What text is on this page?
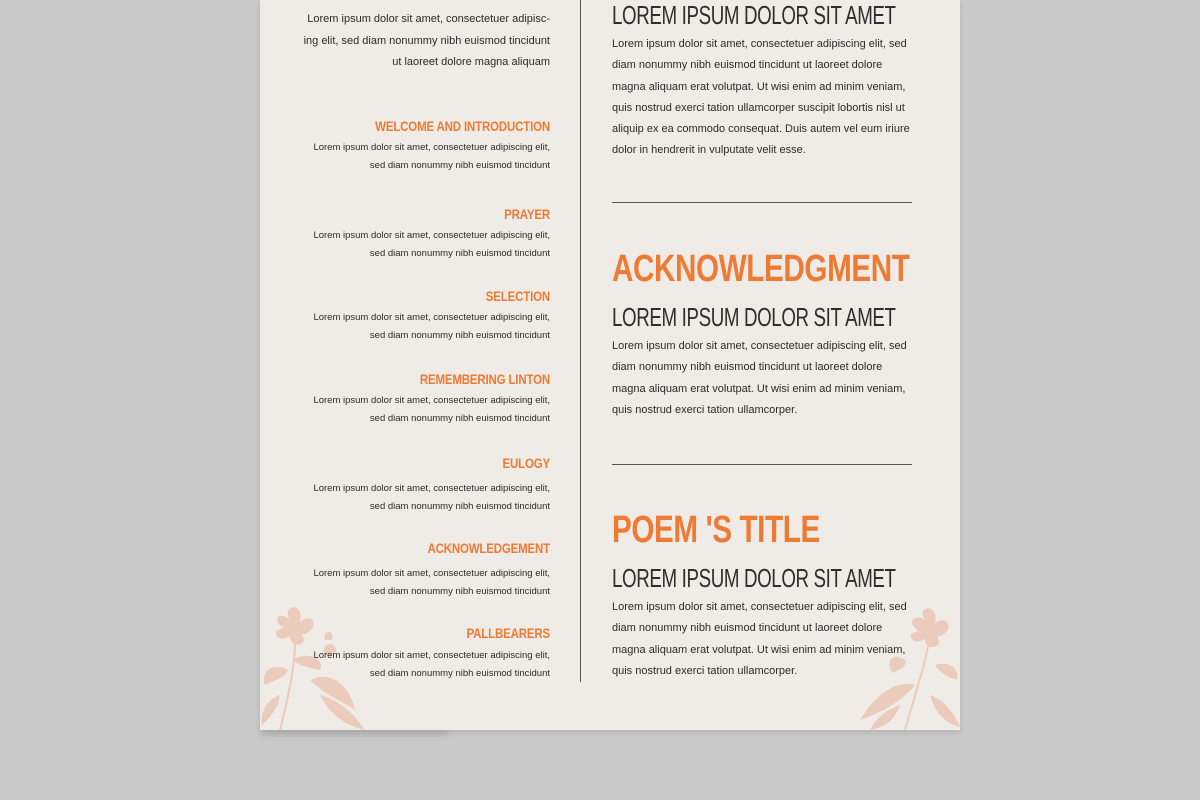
Lorem ipsum dolor sit amet, consectetuer adipisc-
ing elit, sed diam nonummy nibh euismod tincidunt
ut laoreet dolore magna aliquam
WELCOME AND INTRODUCTION
Lorem ipsum dolor sit amet, consectetuer adipiscing elit,
sed diam nonummy nibh euismod tincidunt
PRAYER
Lorem ipsum dolor sit amet, consectetuer adipiscing elit,
sed diam nonummy nibh euismod tincidunt
SELECTION
Lorem ipsum dolor sit amet, consectetuer adipiscing elit,
sed diam nonummy nibh euismod tincidunt
REMEMBERING LINTON
Lorem ipsum dolor sit amet, consectetuer adipiscing elit,
sed diam nonummy nibh euismod tincidunt
EULOGY
Lorem ipsum dolor sit amet, consectetuer adipiscing elit,
sed diam nonummy nibh euismod tincidunt
ACKNOWLEDGEMENT
Lorem ipsum dolor sit amet, consectetuer adipiscing elit,
sed diam nonummy nibh euismod tincidunt
PALLBEARERS
Lorem ipsum dolor sit amet, consectetuer adipiscing elit,
sed diam nonummy nibh euismod tincidunt
LOREM IPSUM DOLOR SIT AMET
Lorem ipsum dolor sit amet, consectetuer adipiscing elit, sed
diam nonummy nibh euismod tincidunt ut laoreet dolore
magna aliquam erat volutpat. Ut wisi enim ad minim veniam,
quis nostrud exerci tation ullamcorper suscipit lobortis nisl ut
aliquip ex ea commodo consequat. Duis autem vel eum iriure
dolor in hendrerit in vulputate velit esse.
ACKNOWLEDGMENT
LOREM IPSUM DOLOR SIT AMET
Lorem ipsum dolor sit amet, consectetuer adipiscing elit, sed
diam nonummy nibh euismod tincidunt ut laoreet dolore
magna aliquam erat volutpat. Ut wisi enim ad minim veniam,
quis nostrud exerci tation ullamcorper.
POEM 'S TITLE
LOREM IPSUM DOLOR SIT AMET
Lorem ipsum dolor sit amet, consectetuer adipiscing elit, sed
diam nonummy nibh euismod tincidunt ut laoreet dolore
magna aliquam erat volutpat. Ut wisi enim ad minim veniam,
quis nostrud exerci tation ullamcorper.
